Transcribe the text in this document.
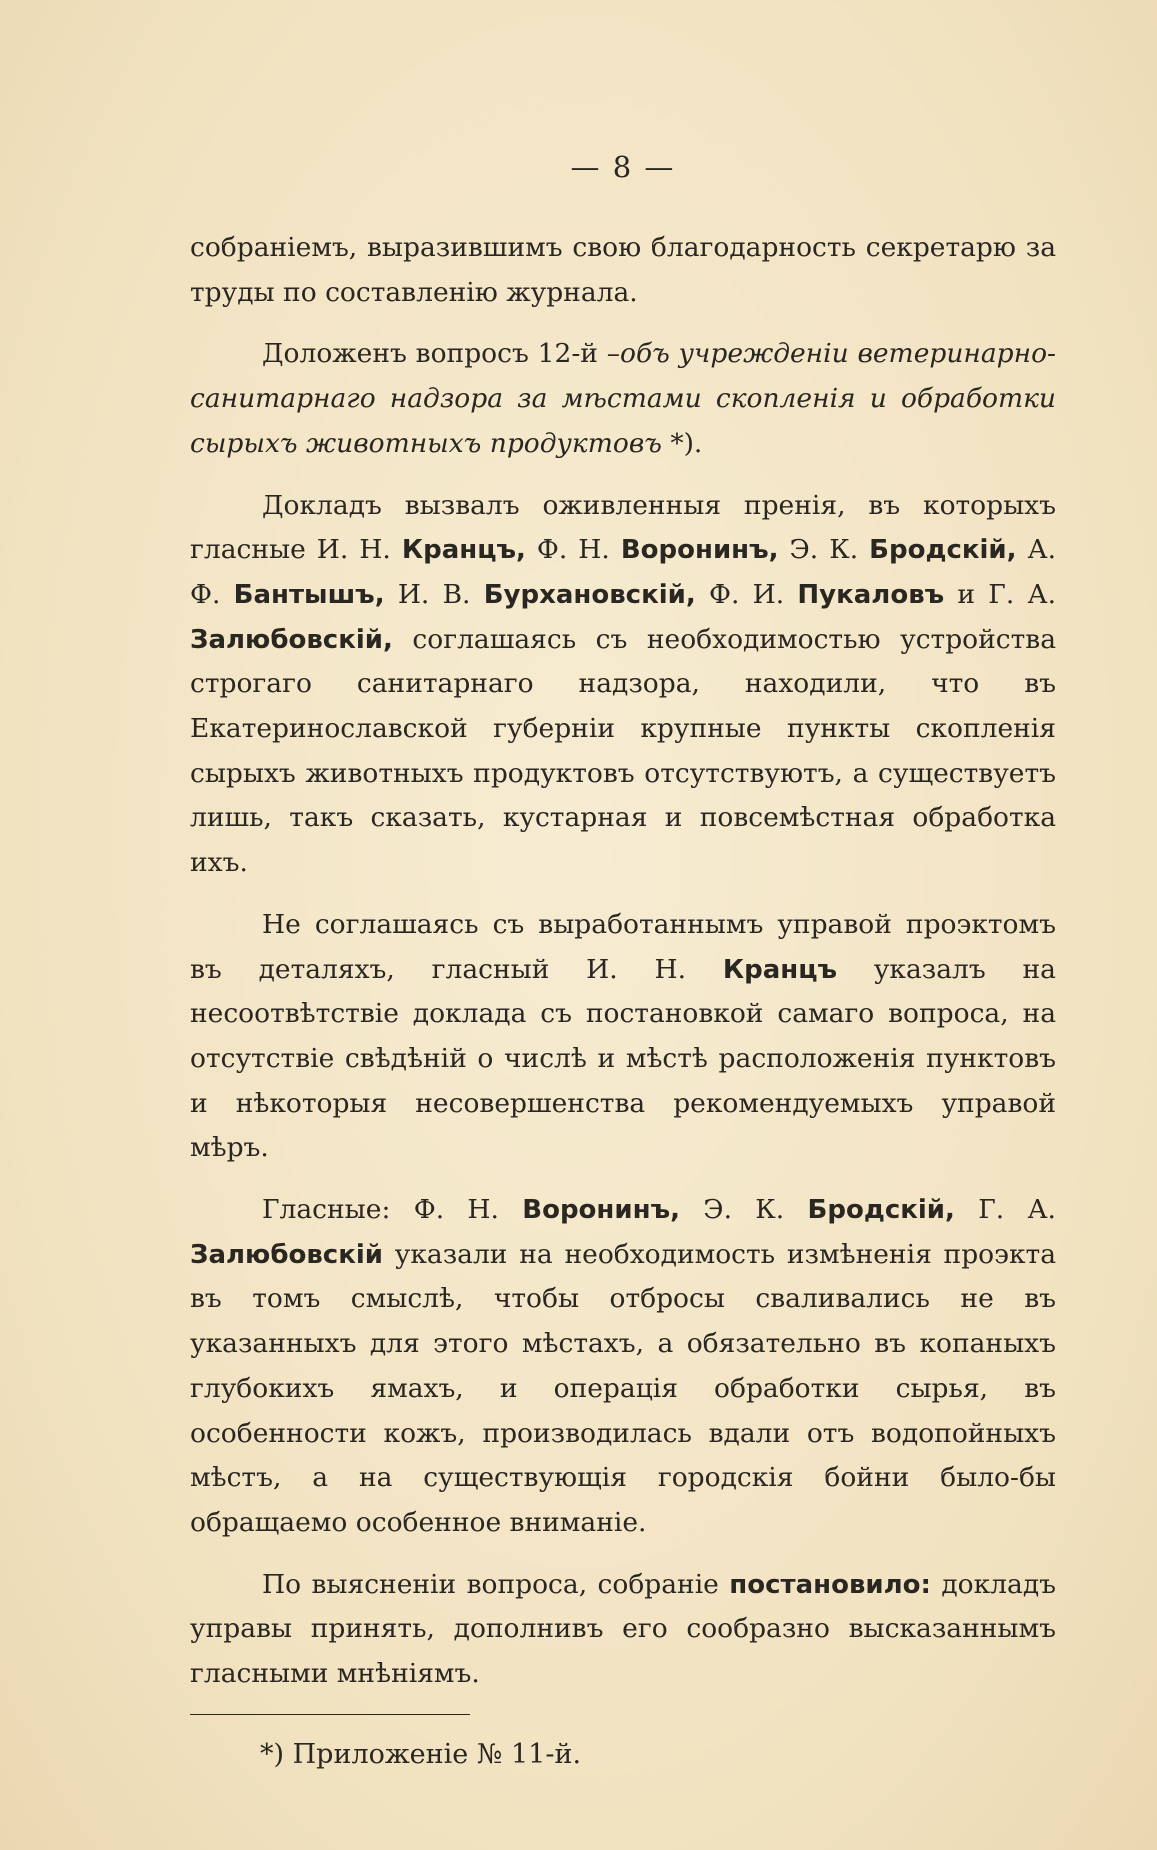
— 8 —

собраніемъ, выразившимъ свою благодарность секретарю за труды по составленію журнала.

Доложенъ вопросъ 12-й –объ учрежденіи ветеринарно-санитарнаго надзора за мѣстами скопленія и обработки сырыхъ животныхъ продуктовъ *).

Докладъ вызвалъ оживленныя пренія, въ которыхъ гласные И. Н. Кранцъ, Ф. Н. Воронинъ, Э. К. Бродскій, А. Ф. Бантышъ, И. В. Бурхановскій, Ф. И. Пукаловъ и Г. А. Залюбовскій, соглашаясь съ необходимостью устройства строгаго санитарнаго надзора, находили, что въ Екатеринославской губерніи крупные пункты скопленія сырыхъ животныхъ продуктовъ отсутствуютъ, а существуетъ лишь, такъ сказать, кустарная и повсемѣстная обработка ихъ.

Не соглашаясь съ выработаннымъ управой проэктомъ въ деталяхъ, гласный И. Н. Кранцъ указалъ на несоотвѣтствіе доклада съ постановкой самаго вопроса, на отсутствіе свѣдѣній о числѣ и мѣстѣ расположенія пунктовъ и нѣкоторыя несовершенства рекомендуемыхъ управой мѣръ.

Гласные: Ф. Н. Воронинъ, Э. К. Бродскій, Г. А. Залюбовскій указали на необходимость измѣненія проэкта въ томъ смыслѣ, чтобы отбросы сваливались не въ указанныхъ для этого мѣстахъ, а обязательно въ копаныхъ глубокихъ ямахъ, и операція обработки сырья, въ особенности кожъ, производилась вдали отъ водопойныхъ мѣстъ, а на существующія городскія бойни было-бы обращаемо особенное вниманіе.

По выясненіи вопроса, собраніе постановило: докладъ управы принять, дополнивъ его сообразно высказаннымъ гласными мнѣніямъ.

*) Приложеніе № 11-й.
